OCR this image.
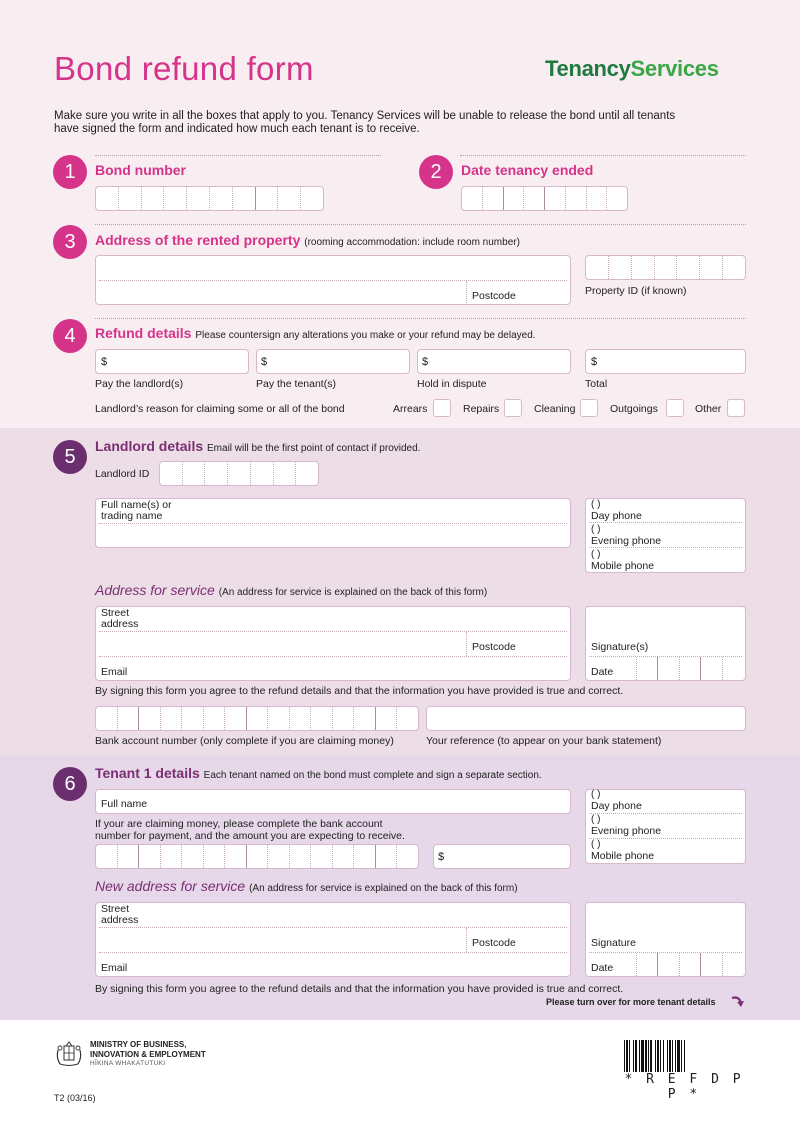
Bond refund form	TenancyServices
Make sure you write in all the boxes that apply to you. Tenancy Services will be unable to release the bond until all tenants
have signed the form and indicated how much each tenant is to receive.
1	Bond number	2	Date tenancy ended
3	Address of the rented property (rooming accommodation: include room number)
Postcode	Property ID (if known)
4	Refund details Please countersign any alterations you make or your refund may be delayed.
$
Pay the landlord(s)
$
Pay the tenant(s)
$
Hold in dispute
$
Total
Landlord’s reason for claiming some or all of the bond	Arrears	Repairs	Cleaning	Outgoings	Other
5	Landlord details Email will be the first point of contact if provided.
Landlord ID
Full name(s) or
trading name
( )
Day phone
( )
Evening phone
( )
Mobile phone
Address for service (An address for service is explained on the back of this form)
Street
address
Postcode
Email
Signature(s)
Date
By signing this form you agree to the refund details and that the information you have provided is true and correct.
Bank account number (only complete if you are claiming money)	Your reference (to appear on your bank statement)
6	Tenant 1 details Each tenant named on the bond must complete and sign a separate section.
Full name
If your are claiming money, please complete the bank account
number for payment, and the amount you are expecting to receive.
$
( )
Day phone
( )
Evening phone
( )
Mobile phone
New address for service (An address for service is explained on the back of this form)
Street
address
Postcode
Email
Signature
Date
By signing this form you agree to the refund details and that the information you have provided is true and correct.
Please turn over for more tenant details
MINISTRY OF BUSINESS,
INNOVATION & EMPLOYMENT
HĪKINA WHAKATUTUKI
T2 (03/16)
* R E F D P P *
